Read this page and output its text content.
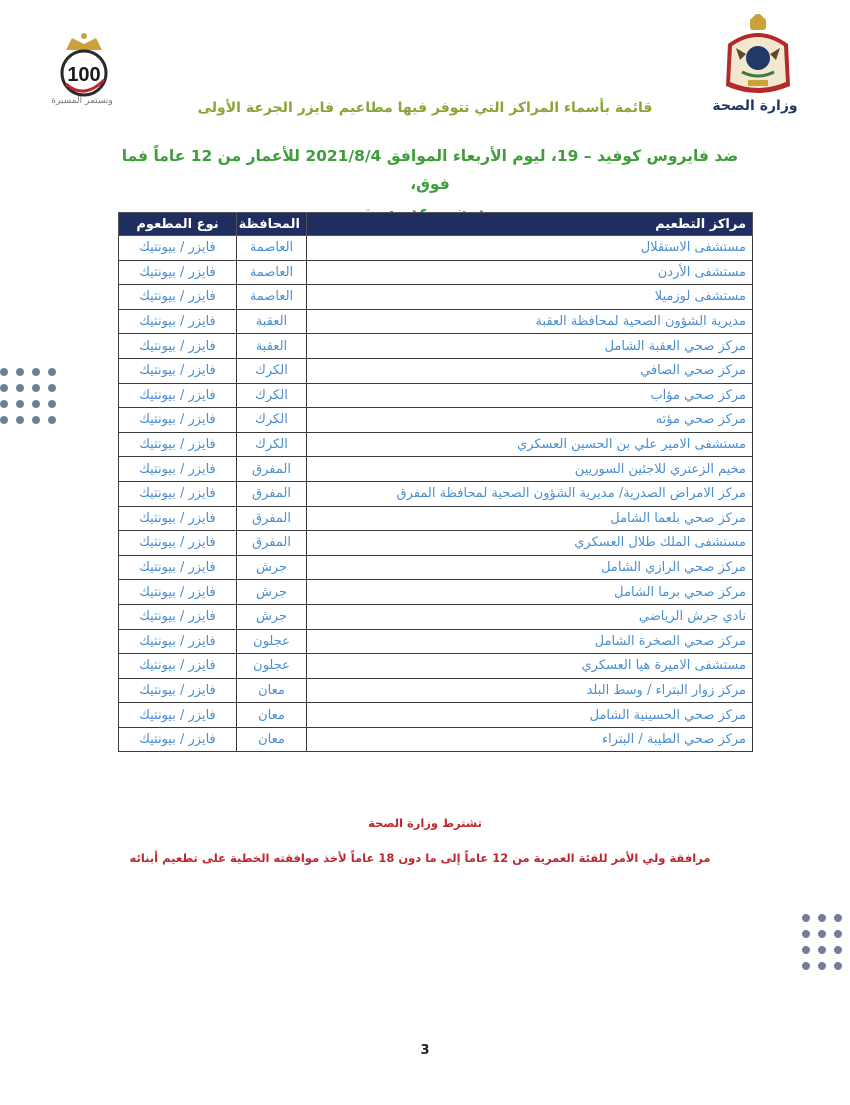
وزارة الصحة
100
ونستمر المسيرة	قائمة بأسماء المراكز التي تتوفر فيها مطاعيم فايزر الجرعة الأولى
ضد فايروس كوفيد – 19، ليوم الأربعاء الموافق 2021/8/4 للأعمار من 12 عاماً فما فوق،
مراكز التطعيم	المحافظة	نوع المطعوم
مستشفى الاستقلال	العاصمة	فايزر / بيونتيك
مستشفى الأردن	العاصمة	فايزر / بيونتيك
مستشفى لوزميلا	العاصمة	فايزر / بيونتيك
مديرية الشؤون الصحية لمحافظة العقبة	العقبة	فايزر / بيونتيك
مركز صحي العقبة الشامل	العقبة	فايزر / بيونتيك
مركز صحي الصافي	الكرك	فايزر / بيونتيك
مركز صحي مؤاب	الكرك	فايزر / بيونتيك
مركز صحي مؤته	الكرك	فايزر / بيونتيك
مستشفى الامير علي بن الحسين العسكري	الكرك	فايزر / بيونتيك
مخيم الزعتري للاجئين السوريين	المفرق	فايزر / بيونتيك
مركز الامراض الصدرية/ مديرية الشؤون الصحية لمحافظة المفرق	المفرق	فايزر / بيونتيك
مركز صحي بلعما الشامل	المفرق	فايزر / بيونتيك
مستشفى الملك طلال العسكري	المفرق	فايزر / بيونتيك
مركز صحي الرازي الشامل	جرش	فايزر / بيونتيك
مركز صحي برما الشامل	جرش	فايزر / بيونتيك
نادي جرش الرياضي	جرش	فايزر / بيونتيك
مركز صحي الصخرة الشامل	عجلون	فايزر / بيونتيك
مستشفى الاميرة هيا العسكري	عجلون	فايزر / بيونتيك
مركز زوار البتراء / وسط البلد	معان	فايزر / بيونتيك
مركز صحي الحسينية الشامل	معان	فايزر / بيونتيك
مركز صحي الطيبة / البتراء	معان	فايزر / بيونتيك
تشترط وزارة الصحة
مرافقة ولي الأمر للفئة العمرية من 12 عاماً إلى ما دون 18 عاماً لأخذ موافقته الخطية على تطعيم أبنائه
3
